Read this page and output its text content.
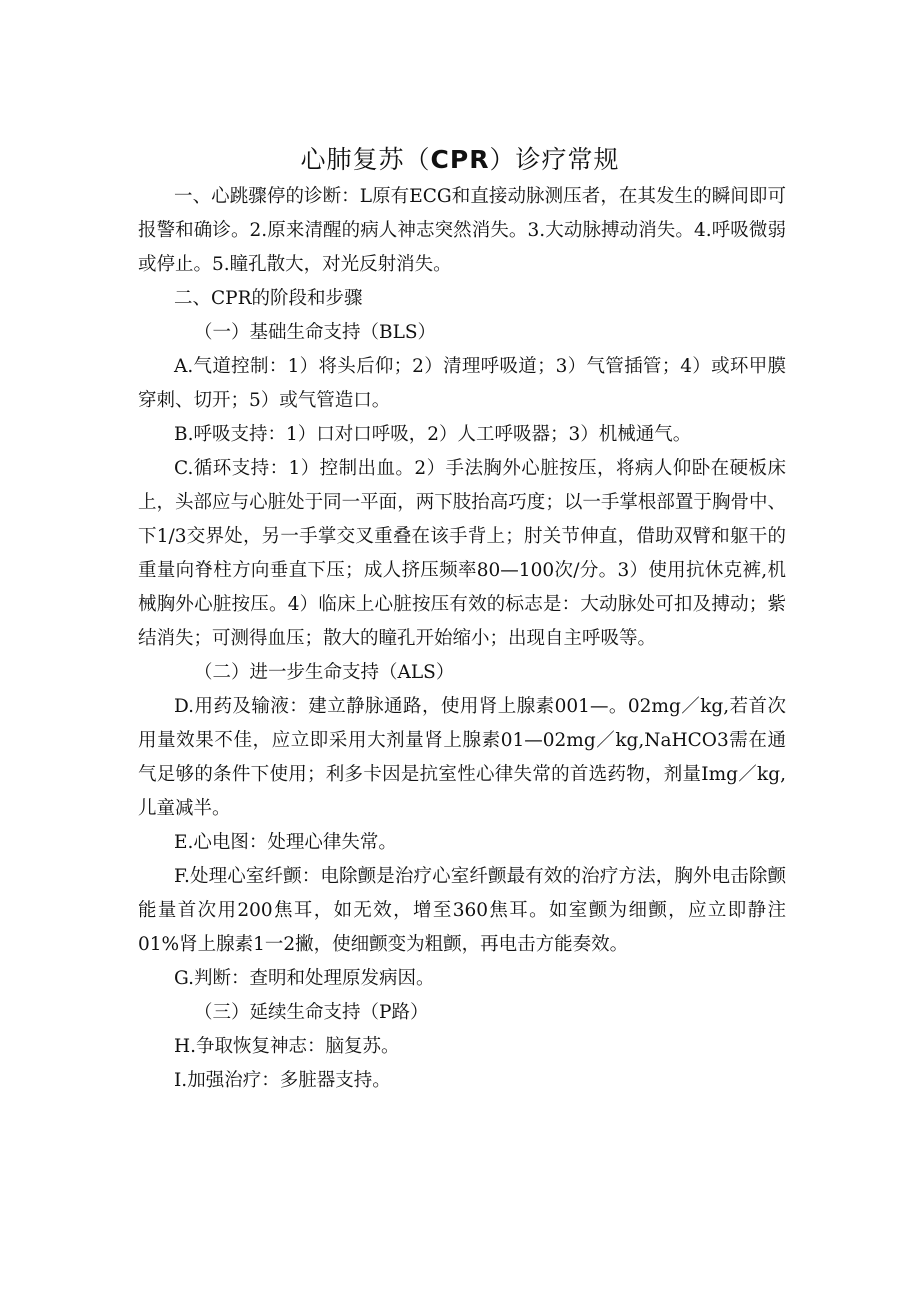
心肺复苏（CPR）诊疗常规

一、心跳骤停的诊断：L原有ECG和直接动脉测压者，在其发生的瞬间即可报警和确诊。2.原来清醒的病人神志突然消失。3.大动脉搏动消失。4.呼吸微弱或停止。5.瞳孔散大，对光反射消失。

二、CPR的阶段和步骤

（一）基础生命支持（BLS）

A.气道控制：1）将头后仰；2）清理呼吸道；3）气管插管；4）或环甲膜穿刺、切开；5）或气管造口。

B.呼吸支持：1）口对口呼吸，2）人工呼吸器；3）机械通气。

C.循环支持：1）控制出血。2）手法胸外心脏按压，将病人仰卧在硬板床上，头部应与心脏处于同一平面，两下肢抬高巧度；以一手掌根部置于胸骨中、下1/3交界处，另一手掌交叉重叠在该手背上；肘关节伸直，借助双臂和躯干的重量向脊柱方向垂直下压；成人挤压频率80—100次/分。3）使用抗休克裤,机械胸外心脏按压。4）临床上心脏按压有效的标志是：大动脉处可扣及搏动；紫结消失；可测得血压；散大的瞳孔开始缩小；出现自主呼吸等。

（二）进一步生命支持（ALS）

D.用药及输液：建立静脉通路，使用肾上腺素001—。02mg／kg,若首次用量效果不佳，应立即采用大剂量肾上腺素01—02mg／kg,NaHCO3需在通气足够的条件下使用；利多卡因是抗室性心律失常的首选药物，剂量Img／kg,儿童减半。

E.心电图：处理心律失常。

F.处理心室纤颤：电除颤是治疗心室纤颤最有效的治疗方法，胸外电击除颤能量首次用200焦耳，如无效，增至360焦耳。如室颤为细颤，应立即静注01%肾上腺素1一2撇，使细颤变为粗颤，再电击方能奏效。

G.判断：查明和处理原发病因。

（三）延续生命支持（P路）

H.争取恢复神志：脑复苏。

I.加强治疗：多脏器支持。
